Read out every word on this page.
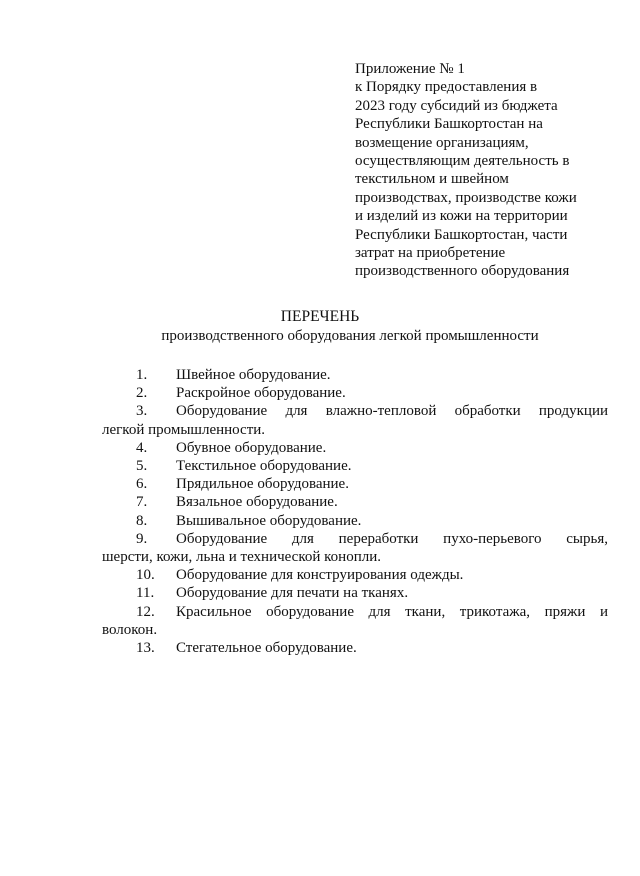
Приложение № 1
к Порядку предоставления в
2023 году субсидий из бюджета
Республики Башкортостан на
возмещение организациям,
осуществляющим деятельность в
текстильном и швейном
производствах, производстве кожи
и изделий из кожи на территории
Республики Башкортостан, части
затрат на приобретение
производственного оборудования
ПЕРЕЧЕНЬ
производственного оборудования легкой промышленности
1.	Швейное оборудование.
2.	Раскройное оборудование.
3.	Оборудование для влажно-тепловой обработки продукции
легкой промышленности.
4.	Обувное оборудование.
5.	Текстильное оборудование.
6.	Прядильное оборудование.
7.	Вязальное оборудование.
8.	Вышивальное оборудование.
9.	Оборудование для переработки пухо-перьевого сырья,
шерсти, кожи, льна и технической конопли.
10.	Оборудование для конструирования одежды.
11.	Оборудование для печати на тканях.
12.	Красильное оборудование для ткани, трикотажа, пряжи и
волокон.
13.	Стегательное оборудование.
